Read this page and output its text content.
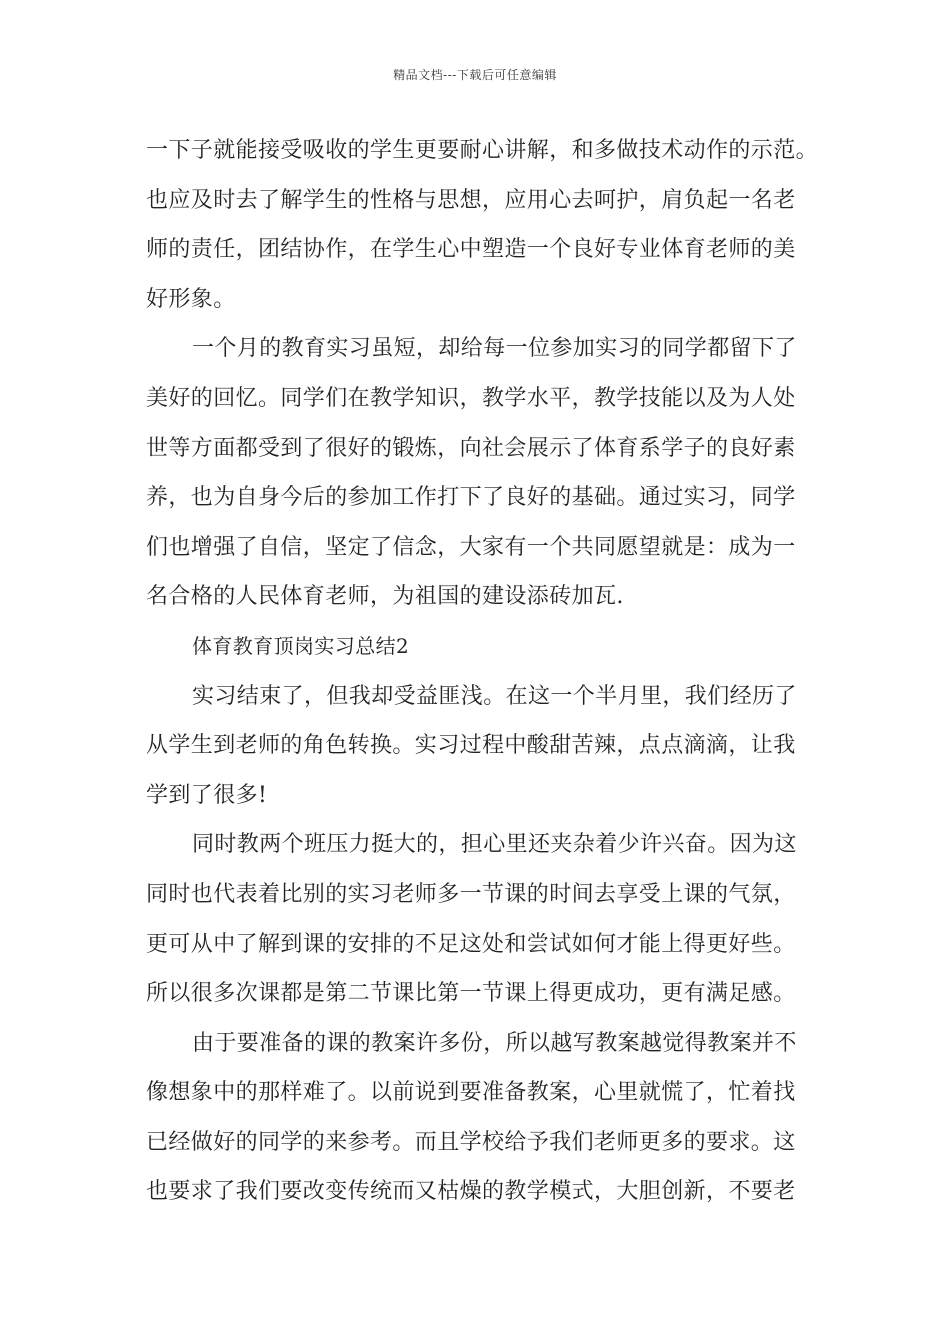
精品文档---下载后可任意编辑
一下子就能接受吸收的学生更要耐心讲解，和多做技术动作的示范。
也应及时去了解学生的性格与思想，应用心去呵护，肩负起一名老
师的责任，团结协作，在学生心中塑造一个良好专业体育老师的美
好形象。
一个月的教育实习虽短，却给每一位参加实习的同学都留下了
美好的回忆。同学们在教学知识，教学水平，教学技能以及为人处
世等方面都受到了很好的锻炼，向社会展示了体育系学子的良好素
养，也为自身今后的参加工作打下了良好的基础。通过实习，同学
们也增强了自信，坚定了信念，大家有一个共同愿望就是：成为一
名合格的人民体育老师，为祖国的建设添砖加瓦.
体育教育顶岗实习总结2
实习结束了，但我却受益匪浅。在这一个半月里，我们经历了
从学生到老师的角色转换。实习过程中酸甜苦辣，点点滴滴，让我
学到了很多!
同时教两个班压力挺大的，担心里还夹杂着少许兴奋。因为这
同时也代表着比别的实习老师多一节课的时间去享受上课的气氛，
更可从中了解到课的安排的不足这处和尝试如何才能上得更好些。
所以很多次课都是第二节课比第一节课上得更成功，更有满足感。
由于要准备的课的教案许多份，所以越写教案越觉得教案并不
像想象中的那样难了。以前说到要准备教案，心里就慌了，忙着找
已经做好的同学的来参考。而且学校给予我们老师更多的要求。这
也要求了我们要改变传统而又枯燥的教学模式，大胆创新，不要老
